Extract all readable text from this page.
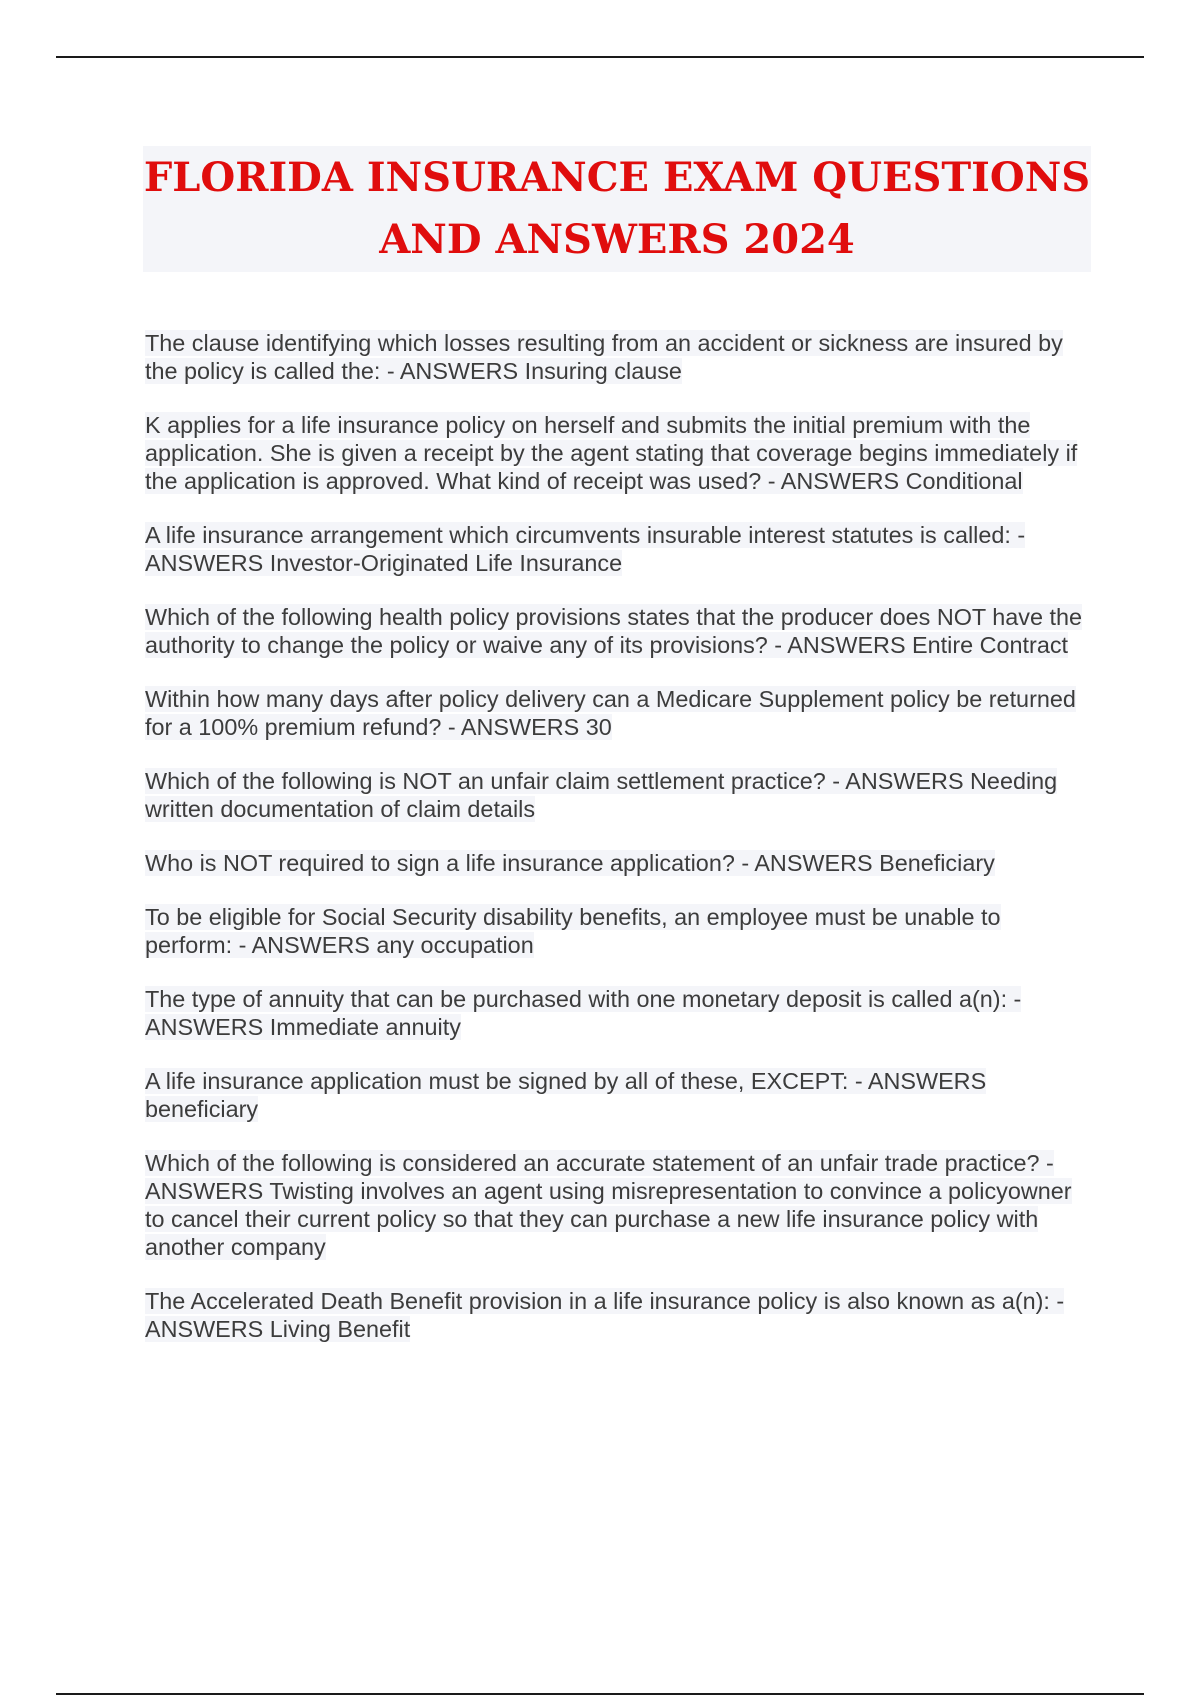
FLORIDA INSURANCE EXAM QUESTIONS
AND ANSWERS 2024

The clause identifying which losses resulting from an accident or sickness are insured by the policy is called the: - ANSWERS Insuring clause

K applies for a life insurance policy on herself and submits the initial premium with the application. She is given a receipt by the agent stating that coverage begins immediately if the application is approved. What kind of receipt was used? - ANSWERS Conditional

A life insurance arrangement which circumvents insurable interest statutes is called: - ANSWERS Investor-Originated Life Insurance

Which of the following health policy provisions states that the producer does NOT have the authority to change the policy or waive any of its provisions? - ANSWERS Entire Contract

Within how many days after policy delivery can a Medicare Supplement policy be returned for a 100% premium refund? - ANSWERS 30

Which of the following is NOT an unfair claim settlement practice? - ANSWERS Needing written documentation of claim details

Who is NOT required to sign a life insurance application? - ANSWERS Beneficiary

To be eligible for Social Security disability benefits, an employee must be unable to perform: - ANSWERS any occupation

The type of annuity that can be purchased with one monetary deposit is called a(n): - ANSWERS Immediate annuity

A life insurance application must be signed by all of these, EXCEPT: - ANSWERS beneficiary

Which of the following is considered an accurate statement of an unfair trade practice? - ANSWERS Twisting involves an agent using misrepresentation to convince a policyowner to cancel their current policy so that they can purchase a new life insurance policy with another company

The Accelerated Death Benefit provision in a life insurance policy is also known as a(n): - ANSWERS Living Benefit
